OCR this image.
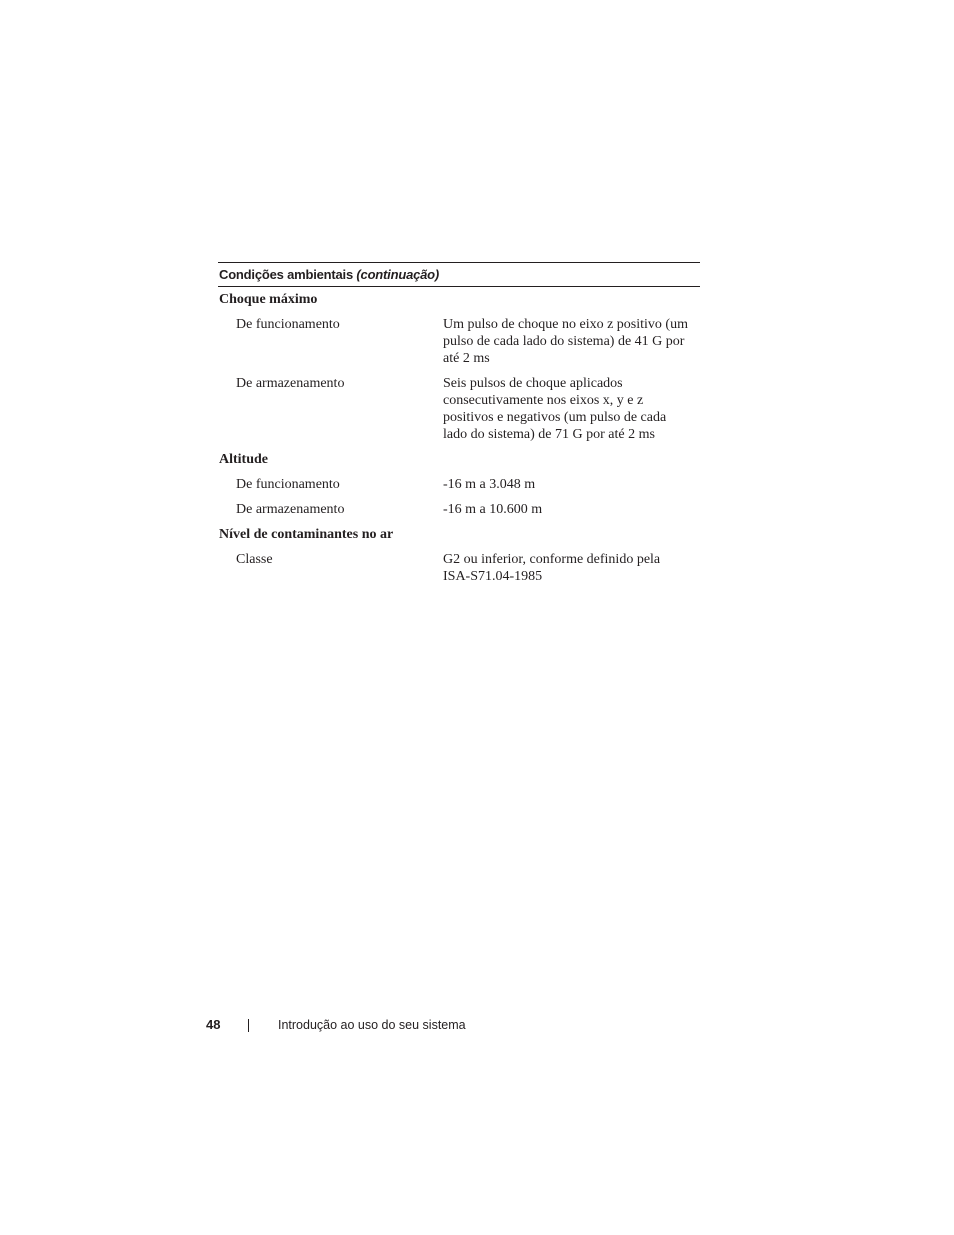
Condições ambientais (continuação)
Choque máximo
De funcionamento	Um pulso de choque no eixo z positivo (um pulso de cada lado do sistema) de 41 G por até 2 ms
De armazenamento	Seis pulsos de choque aplicados consecutivamente nos eixos x, y e z positivos e negativos (um pulso de cada lado do sistema) de 71 G por até 2 ms
Altitude
De funcionamento	-16 m a 3.048 m
De armazenamento	-16 m a 10.600 m
Nível de contaminantes no ar
Classe	G2 ou inferior, conforme definido pela ISA-S71.04-1985
48	Introdução ao uso do seu sistema
